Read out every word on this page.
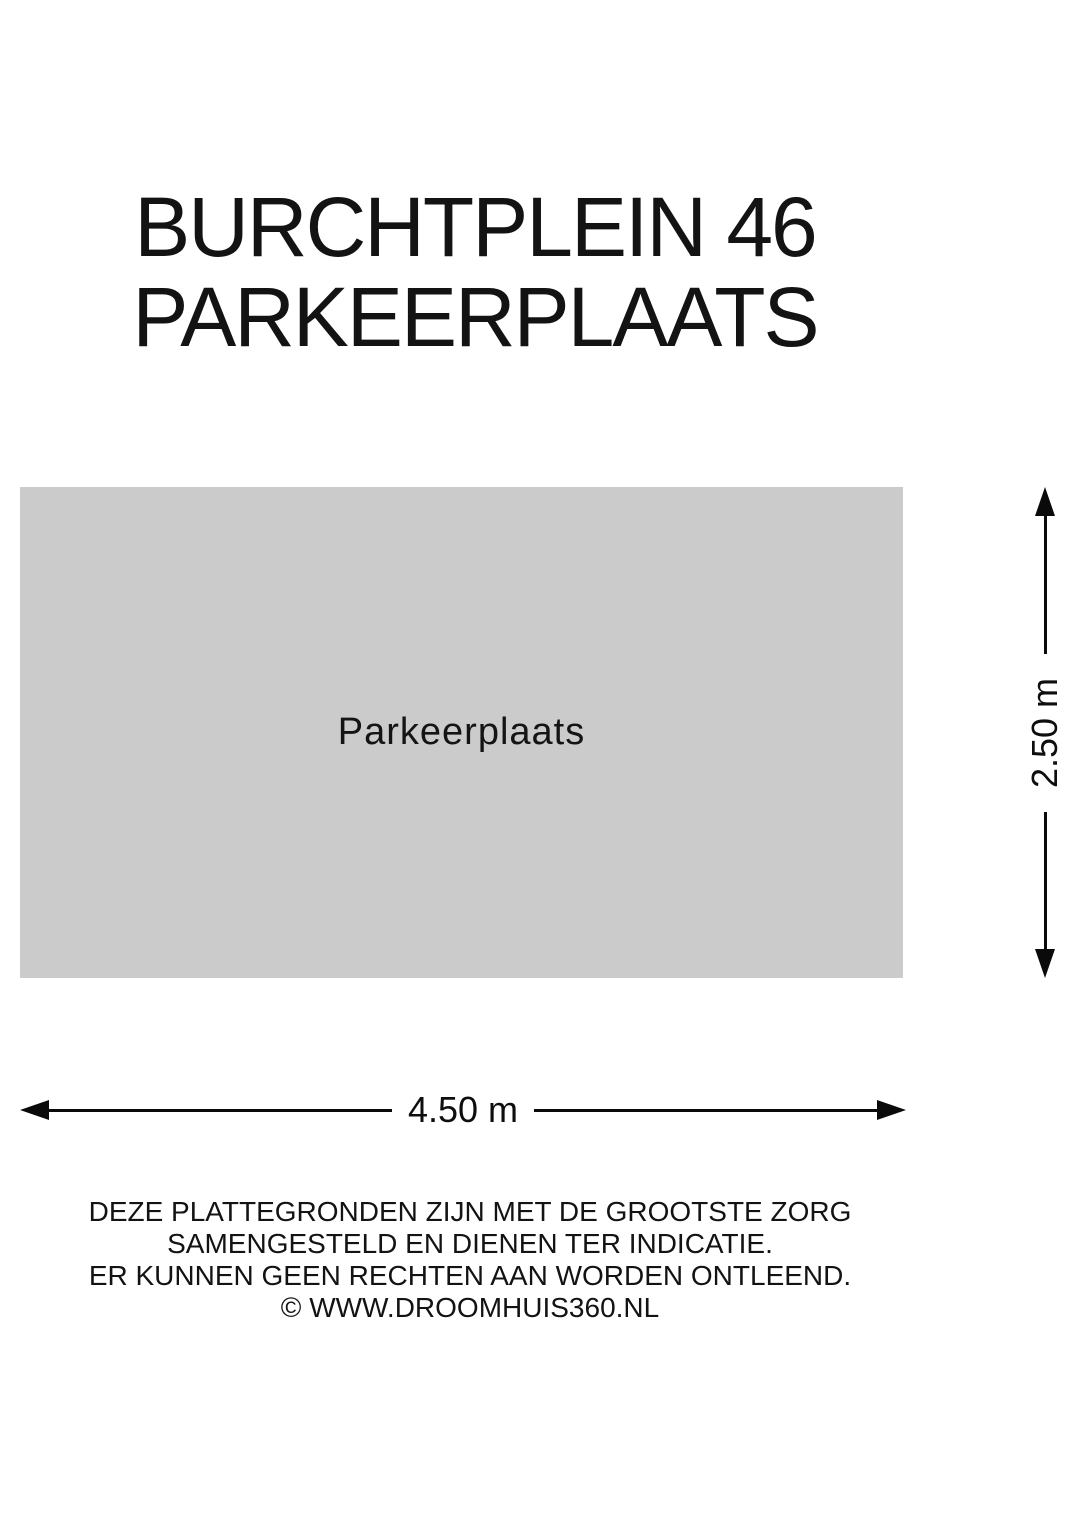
BURCHTPLEIN 46
PARKEERPLAATS
Parkeerplaats	2.50 m
4.50 m
DEZE PLATTEGRONDEN ZIJN MET DE GROOTSTE ZORG
SAMENGESTELD EN DIENEN TER INDICATIE.
ER KUNNEN GEEN RECHTEN AAN WORDEN ONTLEEND.
© WWW.DROOMHUIS360.NL
